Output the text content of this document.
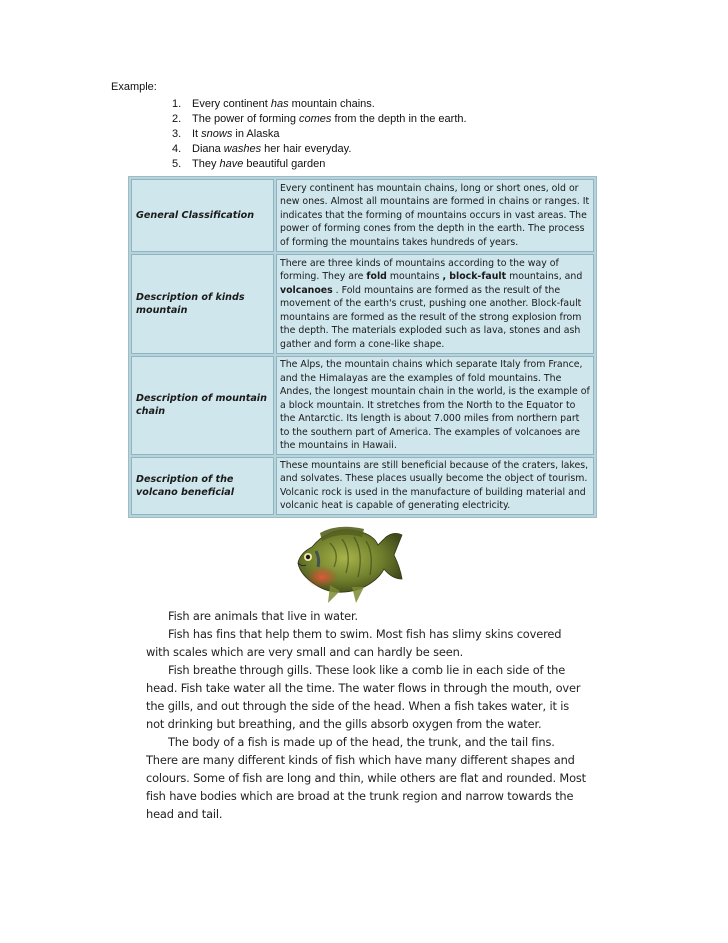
Example:
1. Every continent has mountain chains.
2. The power of forming comes from the depth in the earth.
3. It snows in Alaska
4. Diana washes her hair everyday.
5. They have beautiful garden
General Classification	Every continent has mountain chains, long or short ones, old or new ones. Almost all mountains are formed in chains or ranges. It indicates that the forming of mountains occurs in vast areas. The power of forming cones from the depth in the earth. The process of forming the mountains takes hundreds of years.
Description of kinds mountain	There are three kinds of mountains according to the way of forming. They are fold mountains , block-fault mountains, and volcanoes . Fold mountains are formed as the result of the movement of the earth's crust, pushing one another. Block-fault mountains are formed as the result of the strong explosion from the depth. The materials exploded such as lava, stones and ash gather and form a cone-like shape.
Description of mountain chain	The Alps, the mountain chains which separate Italy from France, and the Himalayas are the examples of fold mountains. The Andes, the longest mountain chain in the world, is the example of a block mountain. It stretches from the North to the Equator to the Antarctic. Its length is about 7.000 miles from northern part to the southern part of America. The examples of volcanoes are the mountains in Hawaii.
Description of the volcano beneficial	These mountains are still beneficial because of the craters, lakes, and solvates. These places usually become the object of tourism. Volcanic rock is used in the manufacture of building material and volcanic heat is capable of generating electricity.

Fish are animals that live in water.

Fish has fins that help them to swim. Most fish has slimy skins covered with scales which are very small and can hardly be seen.

Fish breathe through gills. These look like a comb lie in each side of the head. Fish take water all the time. The water flows in through the mouth, over the gills, and out through the side of the head. When a fish takes water, it is not drinking but breathing, and the gills absorb oxygen from the water.

The body of a fish is made up of the head, the trunk, and the tail fins. There are many different kinds of fish which have many different shapes and colours. Some of fish are long and thin, while others are flat and rounded. Most fish have bodies which are broad at the trunk region and narrow towards the head and tail.
